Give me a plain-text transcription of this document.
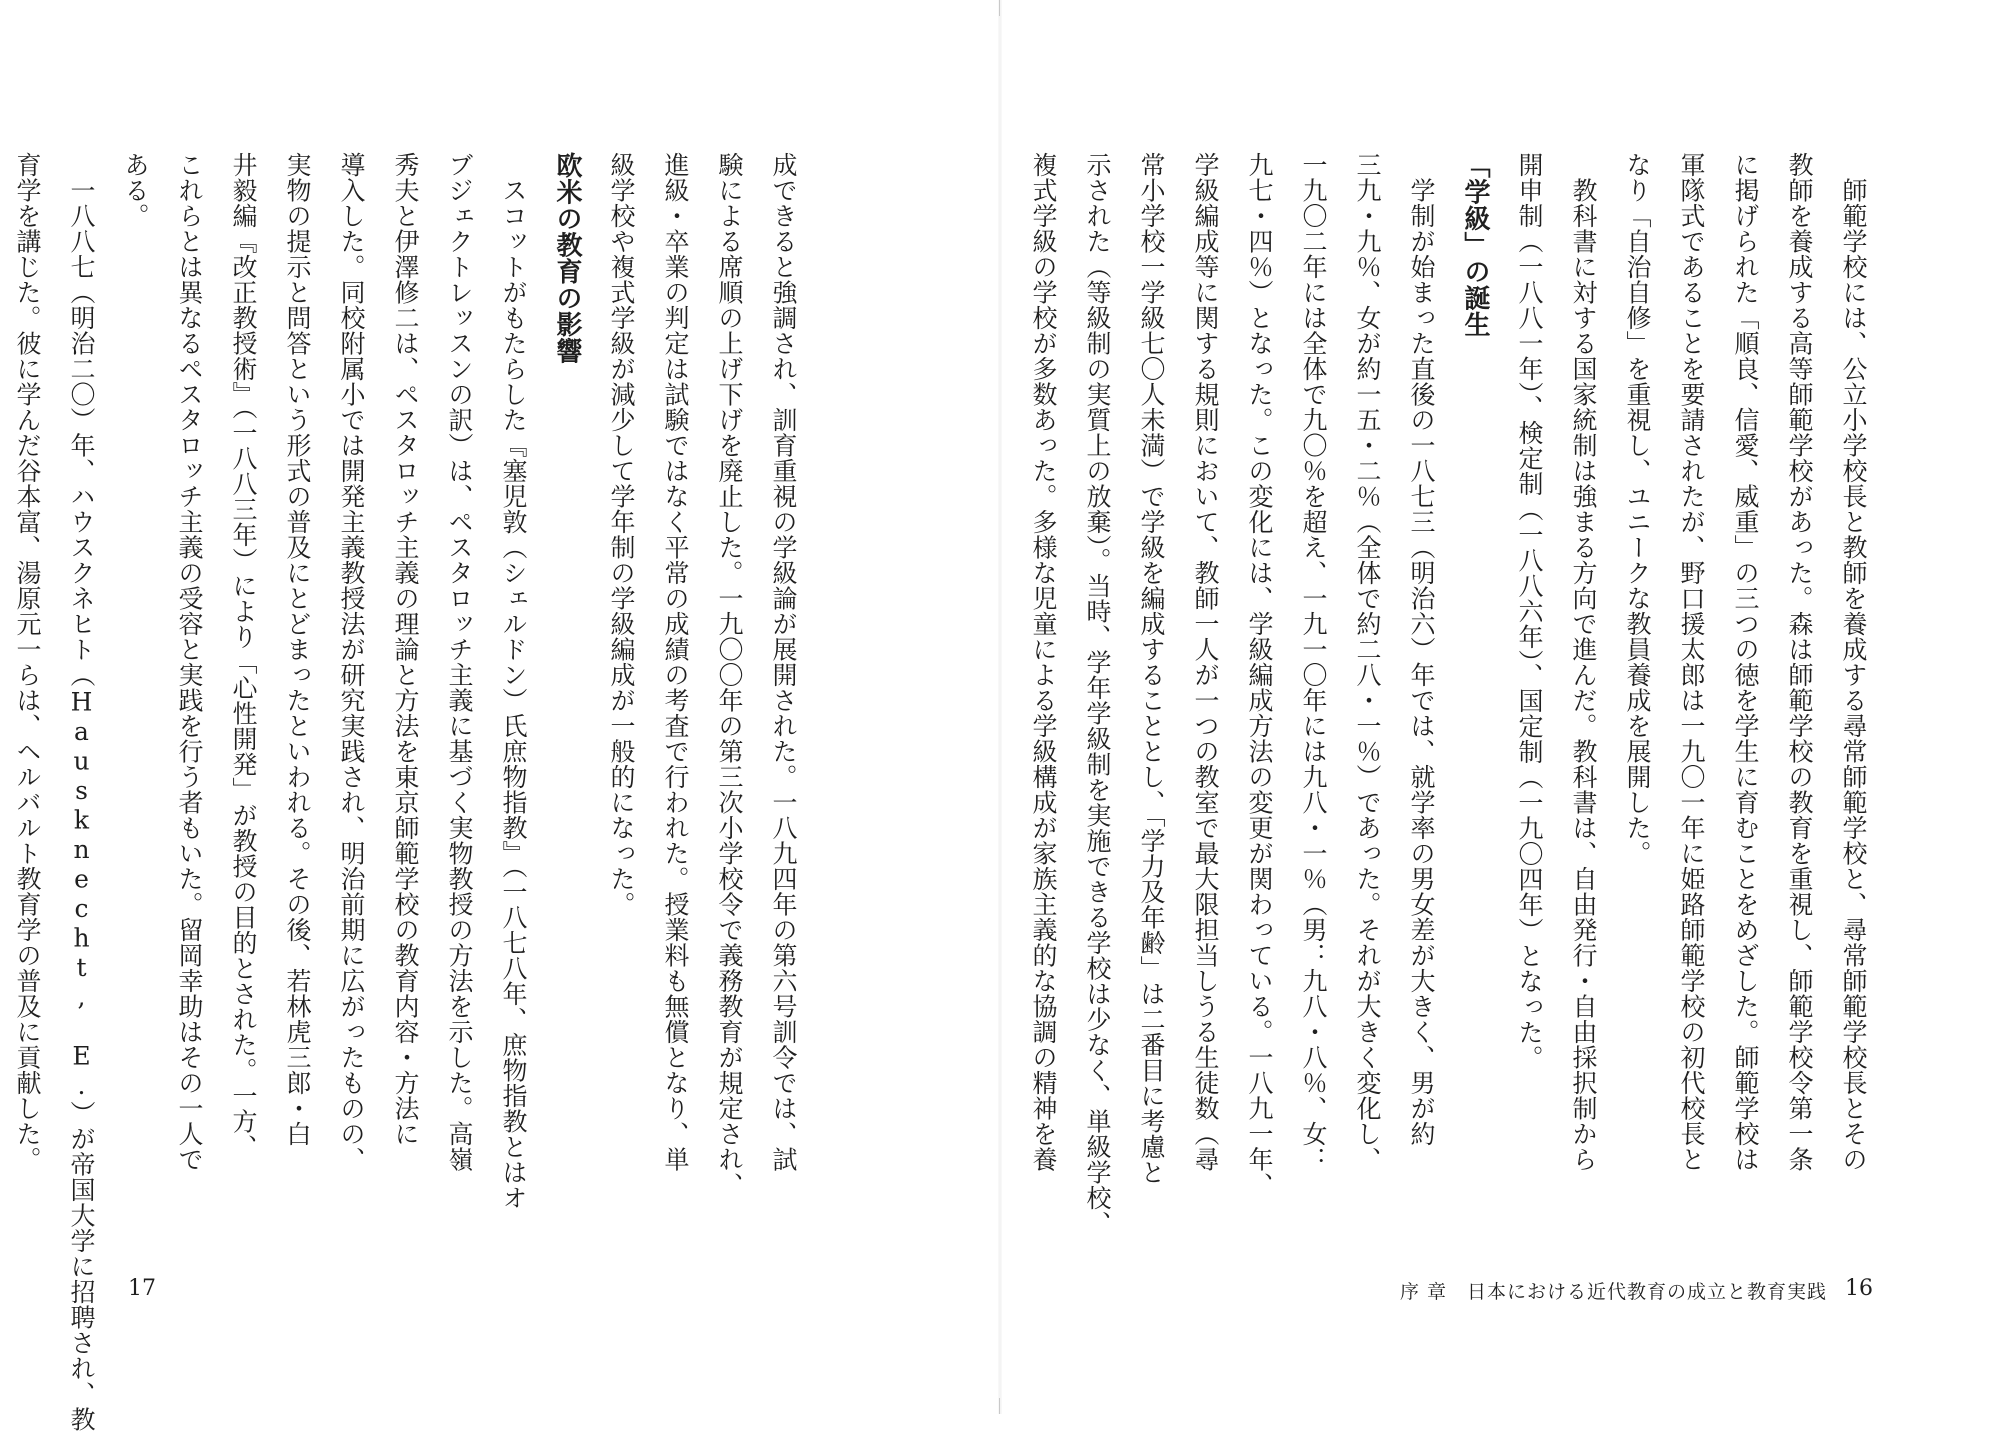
成できると強調され、訓育重視の学級論が展開された。一八九四年の第六号訓令では、試
験による席順の上げ下げを廃止した。一九〇〇年の第三次小学校令で義務教育が規定され、
進級・卒業の判定は試験ではなく平常の成績の考査で行われた。授業料も無償となり、単
級学校や複式学級が減少して学年制の学級編成が一般的になった。
欧米の教育の影響
　スコットがもたらした『塞児敦（シェルドン）氏庶物指教』（一八七八年、庶物指教とはオ
ブジェクトレッスンの訳）は、ペスタロッチ主義に基づく実物教授の方法を示した。高嶺
秀夫と伊澤修二は、ペスタロッチ主義の理論と方法を東京師範学校の教育内容・方法に
導入した。同校附属小では開発主義教授法が研究実践され、明治前期に広がったものの、
実物の提示と問答という形式の普及にとどまったといわれる。その後、若林虎三郎・白
井毅編『改正教授術』（一八八三年）により「心性開発」が教授の目的とされた。一方、
これらとは異なるペスタロッチ主義の受容と実践を行う者もいた。留岡幸助はその一人で
ある。
　一八八七（明治二〇）年、ハウスクネヒト（Hausknecht, E.）が帝国大学に招聘され、教
育学を講じた。彼に学んだ谷本富、湯原元一らは、ヘルバルト教育学の普及に貢献した。
17
　師範学校には、公立小学校長と教師を養成する尋常師範学校と、尋常師範学校長とその
教師を養成する高等師範学校があった。森は師範学校の教育を重視し、師範学校令第一条
に掲げられた「順良、信愛、威重」の三つの徳を学生に育むことをめざした。師範学校は
軍隊式であることを要請されたが、野口援太郎は一九〇一年に姫路師範学校の初代校長と
なり「自治自修」を重視し、ユニークな教員養成を展開した。
　教科書に対する国家統制は強まる方向で進んだ。教科書は、自由発行・自由採択制から
開申制（一八八一年）、検定制（一八八六年）、国定制（一九〇四年）となった。
「学級」の誕生
　学制が始まった直後の一八七三（明治六）年では、就学率の男女差が大きく、男が約
三九・九％、女が約一五・二％（全体で約二八・一％）であった。それが大きく変化し、
一九〇二年には全体で九〇％を超え、一九一〇年には九八・一％（男：九八・八％、女：
九七・四％）となった。この変化には、学級編成方法の変更が関わっている。一八九一年、
学級編成等に関する規則において、教師一人が一つの教室で最大限担当しうる生徒数（尋
常小学校一学級七〇人未満）で学級を編成することとし、「学力及年齢」は二番目に考慮と
示された（等級制の実質上の放棄）。当時、学年学級制を実施できる学校は少なく、単級学校、
複式学級の学校が多数あった。多様な児童による学級構成が家族主義的な協調の精神を養
序 章　日本における近代教育の成立と教育実践 16
